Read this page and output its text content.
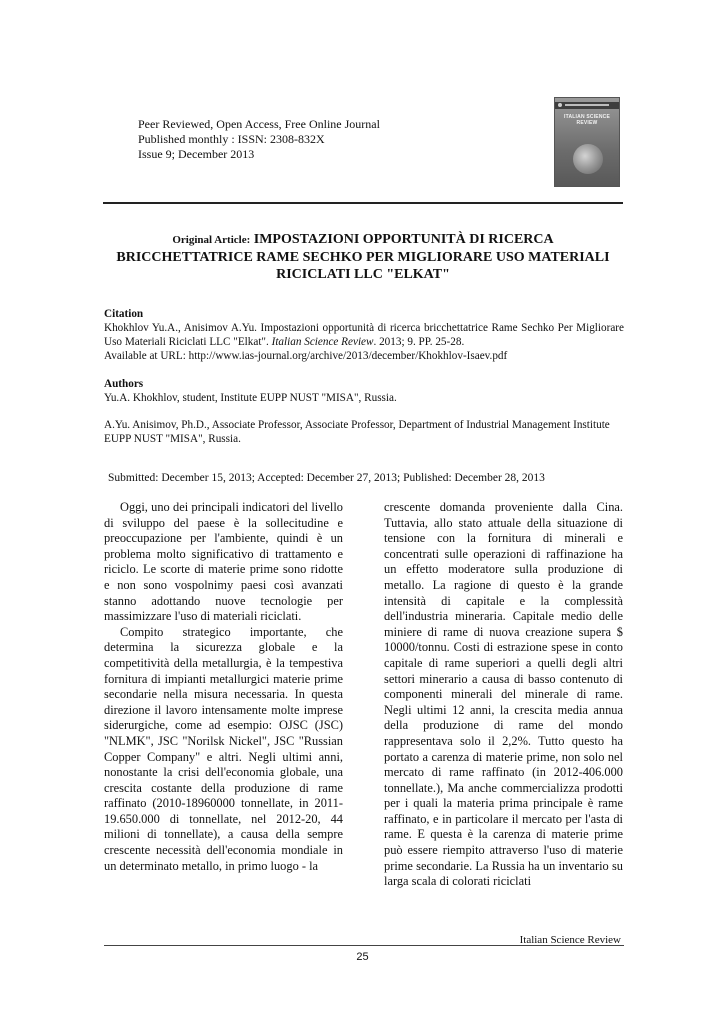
Peer Reviewed, Open Access, Free Online Journal
Published monthly : ISSN: 2308-832X
Issue 9; December 2013
ITALIAN SCIENCE REVIEW
Original Article: IMPOSTAZIONI OPPORTUNITÀ DI RICERCA BRICCHETTATRICE RAME SECHKO PER MIGLIORARE USO MATERIALI RICICLATI LLC "ELKAT"
Citation
Khokhlov Yu.A., Anisimov A.Yu. Impostazioni opportunità di ricerca bricchettatrice Rame Sechko Per Migliorare Uso Materiali Riciclati LLC "Elkat". Italian Science Review. 2013; 9. PP. 25-28.
Available at URL: http://www.ias-journal.org/archive/2013/december/Khokhlov-Isaev.pdf
Authors
Yu.A. Khokhlov, student, Institute EUPP NUST "MISA", Russia.
A.Yu. Anisimov, Ph.D., Associate Professor, Associate Professor, Department of Industrial Management Institute EUPP NUST "MISA", Russia.
Submitted: December 15, 2013; Accepted: December 27, 2013; Published: December 28, 2013

Oggi, uno dei principali indicatori del livello di sviluppo del paese è la sollecitudine e preoccupazione per l'ambiente, quindi è un problema molto significativo di trattamento e riciclo. Le scorte di materie prime sono ridotte e non sono vospolnimy paesi così avanzati stanno adottando nuove tecnologie per massimizzare l'uso di materiali riciclati.

Compito strategico importante, che determina la sicurezza globale e la competitività della metallurgia, è la tempestiva fornitura di impianti metallurgici materie prime secondarie nella misura necessaria. In questa direzione il lavoro intensamente molte imprese siderurgiche, come ad esempio: OJSC (JSC) "NLMK", JSC "Norilsk Nickel", JSC "Russian Copper Company" e altri. Negli ultimi anni, nonostante la crisi dell'economia globale, una crescita costante della produzione di rame raffinato (2010-18960000 tonnellate, in 2011-19.650.000 di tonnellate, nel 2012-20, 44 milioni di tonnellate), a causa della sempre crescente necessità dell'economia mondiale in un determinato metallo, in primo luogo - la

crescente domanda proveniente dalla Cina. Tuttavia, allo stato attuale della situazione di tensione con la fornitura di minerali e concentrati sulle operazioni di raffinazione ha un effetto moderatore sulla produzione di metallo. La ragione di questo è la grande intensità di capitale e la complessità dell'industria mineraria. Capitale medio delle miniere di rame di nuova creazione supera $ 10000/tonnu. Costi di estrazione spese in conto capitale di rame superiori a quelli degli altri settori minerario a causa di basso contenuto di componenti minerali del minerale di rame. Negli ultimi 12 anni, la crescita media annua della produzione di rame del mondo rappresentava solo il 2,2%. Tutto questo ha portato a carenza di materie prime, non solo nel mercato di rame raffinato (in 2012-406.000 tonnellate.), Ma anche commercializza prodotti per i quali la materia prima principale è rame raffinato, e in particolare il mercato per l'asta di rame. E questa è la carenza di materie prime può essere riempito attraverso l'uso di materie prime secondarie. La Russia ha un inventario su larga scala di colorati riciclati

Italian Science Review
25
